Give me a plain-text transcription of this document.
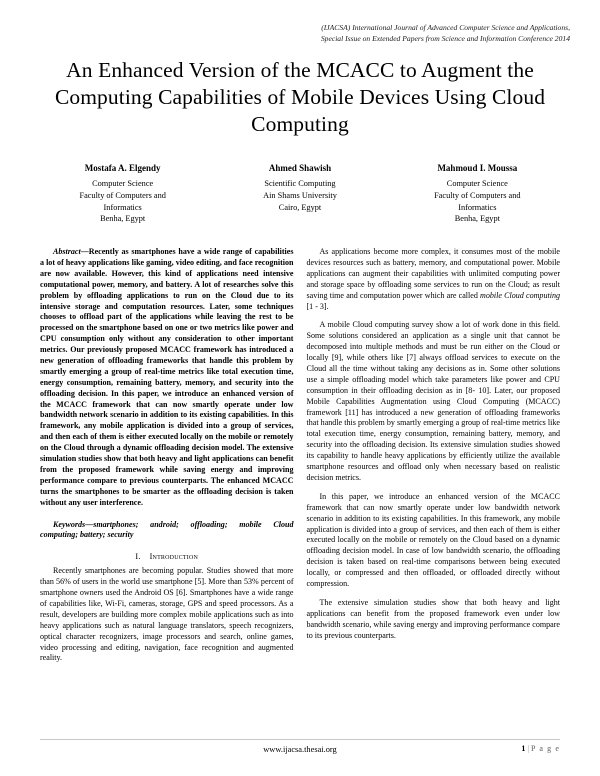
(IJACSA) International Journal of Advanced Computer Science and Applications,
Special Issue on Extended Papers from Science and Information Conference 2014
An Enhanced Version of the MCACC to Augment the Computing Capabilities of Mobile Devices Using Cloud Computing
Mostafa A. Elgendy
Computer Science
Faculty of Computers and
Informatics
Benha, Egypt
Ahmed Shawish
Scientific Computing
Ain Shams University
Cairo, Egypt
Mahmoud I. Moussa
Computer Science
Faculty of Computers and
Informatics
Benha, Egypt

Abstract—Recently as smartphones have a wide range of capabilities a lot of heavy applications like gaming, video editing, and face recognition are now available. However, this kind of applications need intensive computational power, memory, and battery. A lot of researches solve this problem by offloading applications to run on the Cloud due to its intensive storage and computation resources. Later, some techniques chooses to offload part of the applications while leaving the rest to be processed on the smartphone based on one or two metrics like power and CPU consumption only without any consideration to other important metrics. Our previously proposed MCACC framework has introduced a new generation of offloading frameworks that handle this problem by smartly emerging a group of real-time metrics like total execution time, energy consumption, remaining battery, memory, and security into the offloading decision. In this paper, we introduce an enhanced version of the MCACC framework that can now smartly operate under low bandwidth network scenario in addition to its existing capabilities. In this framework, any mobile application is divided into a group of services, and then each of them is either executed locally on the mobile or remotely on the Cloud through a dynamic offloading decision model. The extensive simulation studies show that both heavy and light applications can benefit from the proposed framework while saving energy and improving performance compare to previous counterparts. The enhanced MCACC turns the smartphones to be smarter as the offloading decision is taken without any user interference.

Keywords—smartphones; android; offloading; mobile Cloud computing; battery; security

I. Introduction

Recently smartphones are becoming popular. Studies showed that more than 56% of users in the world use smartphone [5]. More than 53% percent of smartphone owners used the Android OS [6]. Smartphones have a wide range of capabilities like, Wi-Fi, cameras, storage, GPS and speed processors. As a result, developers are building more complex mobile applications such as into heavy applications such as natural language translators, speech recognizers, optical character recognizers, image processors and search, online games, video processing and editing, navigation, face recognition and augmented reality.

As applications become more complex, it consumes most of the mobile devices resources such as battery, memory, and computational power. Mobile applications can augment their capabilities with unlimited computing power and storage space by offloading some services to run on the Cloud; as result saving time and computation power which are called mobile Cloud computing [1 - 3].

A mobile Cloud computing survey show a lot of work done in this field. Some solutions considered an application as a single unit that cannot be decomposed into multiple methods and must be run either on the Cloud or locally [9], while others like [7] always offload services to execute on the Cloud all the time without taking any decisions as in. Some other solutions use a simple offloading model which take parameters like power and CPU consumption in their offloading decision as in [8- 10]. Later, our proposed Mobile Capabilities Augmentation using Cloud Computing (MCACC) framework [11] has introduced a new generation of offloading frameworks that handle this problem by smartly emerging a group of real-time metrics like total execution time, energy consumption, remaining battery, memory, and security into the offloading decision. Its extensive simulation studies showed its capability to handle heavy applications by efficiently utilize the available smartphone resources and offload only when necessary based on realistic decision metrics.

In this paper, we introduce an enhanced version of the MCACC framework that can now smartly operate under low bandwidth network scenario in addition to its existing capabilities. In this framework, any mobile application is divided into a group of services, and then each of them is either executed locally on the mobile or remotely on the Cloud based on a dynamic offloading decision model. In case of low bandwidth scenario, the offloading decision is taken based on real-time comparisons between being executed locally, or compressed and then offloaded, or offloaded directly without compression.

The extensive simulation studies show that both heavy and light applications can benefit from the proposed framework even under low bandwidth scenario, while saving energy and improving performance compare to its previous counterparts.

1 | P a g e
www.ijacsa.thesai.org
